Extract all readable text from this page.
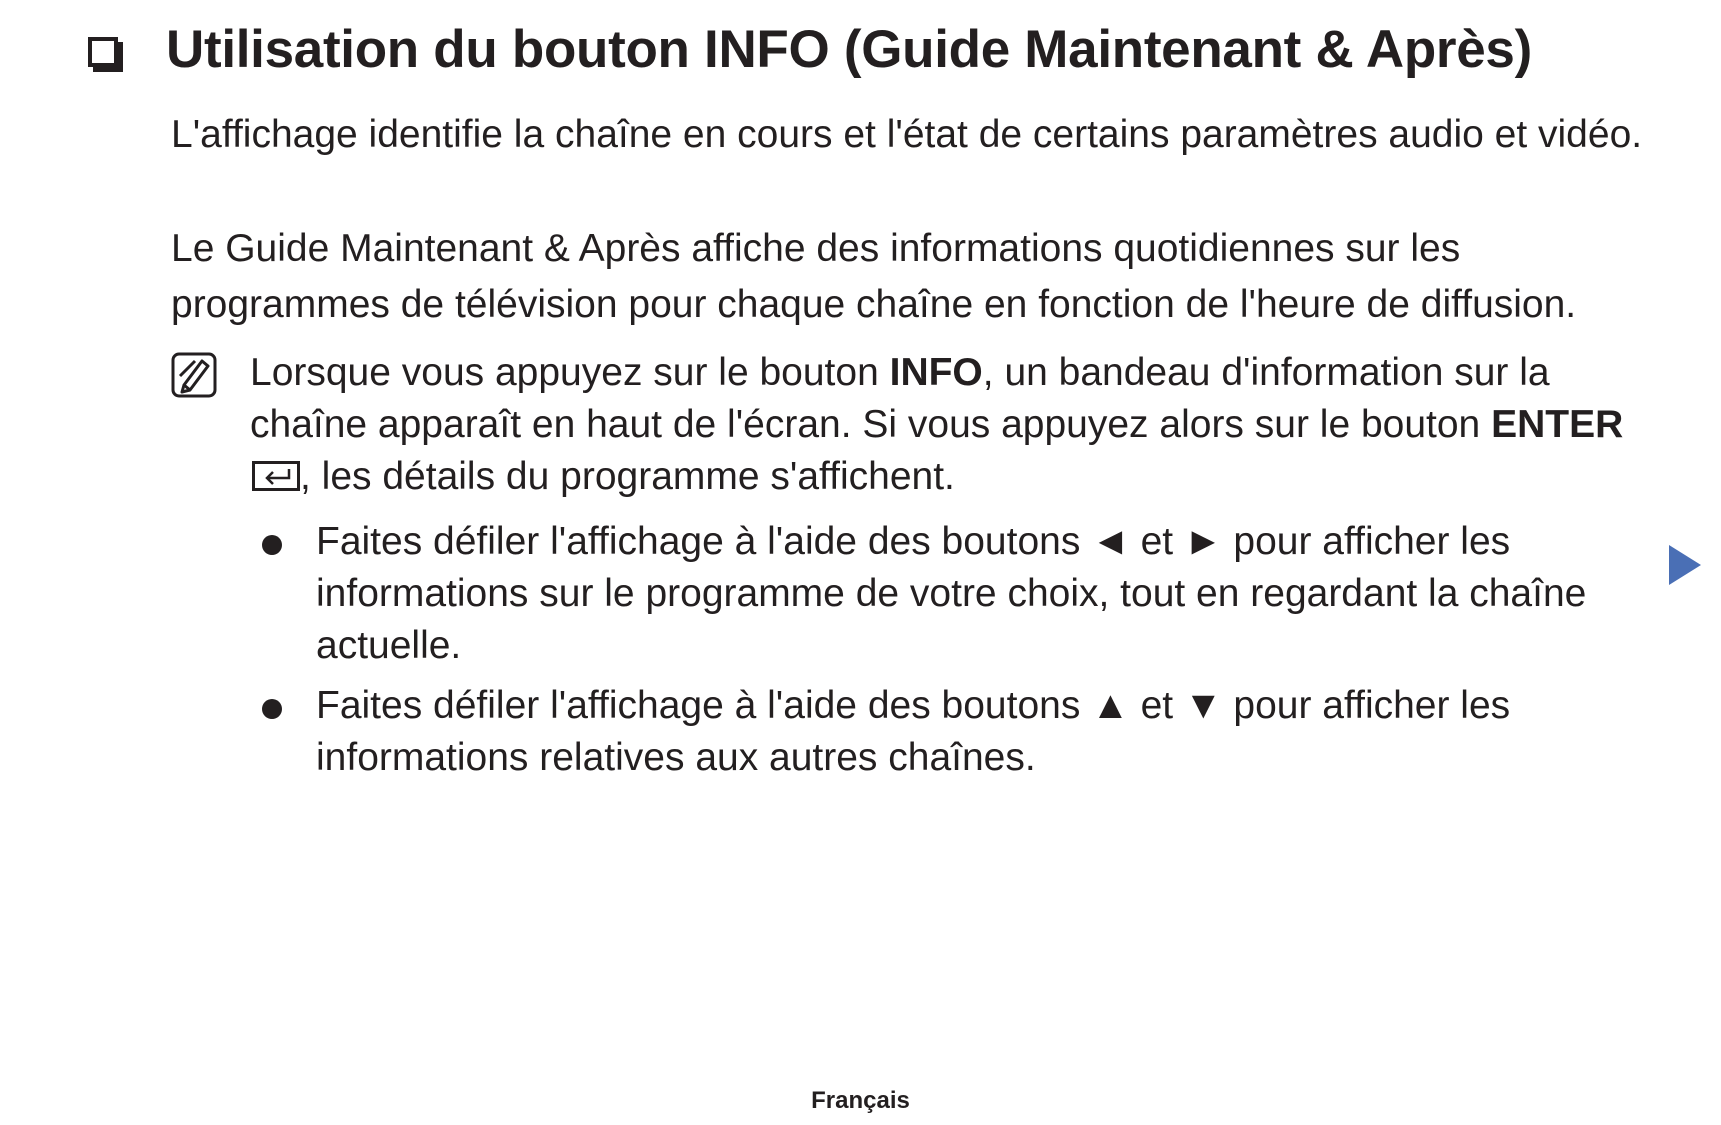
Utilisation du bouton INFO (Guide Maintenant & Après)

L'affichage identifie la chaîne en cours et l'état de certains paramètres audio et vidéo.

Le Guide Maintenant & Après affiche des informations quotidiennes sur les programmes de télévision pour chaque chaîne en fonction de l'heure de diffusion.

Lorsque vous appuyez sur le bouton INFO, un bandeau d'information sur la chaîne apparaît en haut de l'écran. Si vous appuyez alors sur le bouton ENTER, les détails du programme s'affichent.
Faites défiler l'affichage à l'aide des boutons ◄ et ► pour afficher les informations sur le programme de votre choix, tout en regardant la chaîne actuelle.
Faites défiler l'affichage à l'aide des boutons ▲ et ▼ pour afficher les informations relatives aux autres chaînes.
Français
